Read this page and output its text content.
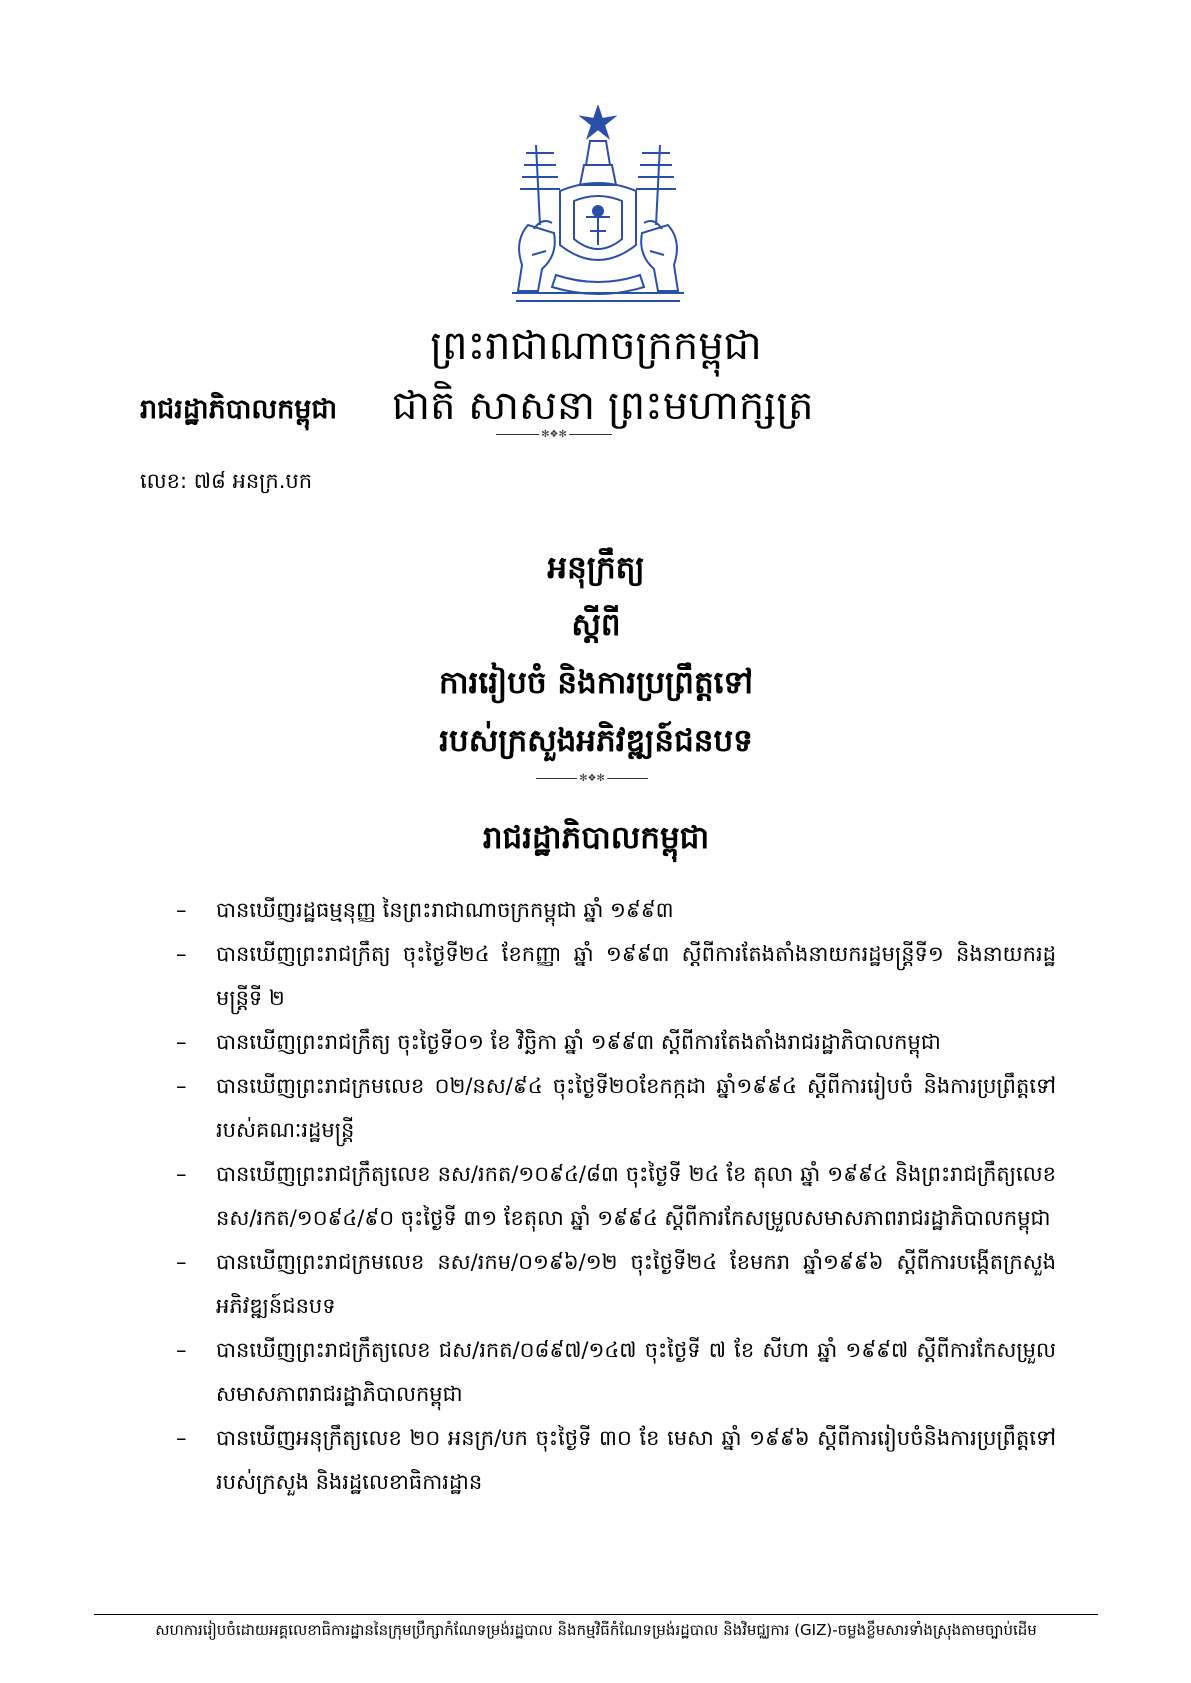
ព្រះរាជាណាចក្រកម្ពុជា
រាជរដ្ឋាភិបាលកម្ពុជា ជាតិ សាសនា ព្រះមហាក្សត្រ
✻❖✻
លេខ: ៧៨ អនក្រ.បក
អនុក្រឹត្យ
ស្តីពី
ការរៀបចំ និងការប្រព្រឹត្តទៅ
របស់ក្រសួងអភិវឌ្ឍន៍ជនបទ
✻❖✻
រាជរដ្ឋាភិបាលកម្ពុជា
– បានឃើញរដ្ឋធម្មនុញ្ញ នៃព្រះរាជាណាចក្រកម្ពុជា ឆ្នាំ ១៩៩៣
– បានឃើញព្រះរាជក្រឹត្យ ចុះថ្ងៃទី២៤ ខែកញ្ញា ឆ្នាំ ១៩៩៣ ស្តីពីការតែងតាំងនាយករដ្ឋមន្ត្រីទី១ និងនាយករដ្ឋមន្ត្រីទី ២
– បានឃើញព្រះរាជក្រឹត្យ ចុះថ្ងៃទី០១ ខែ វិច្ឆិកា ឆ្នាំ ១៩៩៣ ស្តីពីការតែងតាំងរាជរដ្ឋាភិបាលកម្ពុជា
– បានឃើញព្រះរាជក្រមលេខ ០២/នស/៩៤ ចុះថ្ងៃទី២០ខែកក្កដា ឆ្នាំ១៩៩៤ ស្តីពីការរៀបចំ និងការប្រព្រឹត្តទៅរបស់គណៈរដ្ឋមន្ត្រី
– បានឃើញព្រះរាជក្រឹត្យលេខ នស/រកត/១០៩៤/៨៣ ចុះថ្ងៃទី ២៤ ខែ តុលា ឆ្នាំ ១៩៩៤ និងព្រះរាជក្រឹត្យលេខ នស/រកត/១០៩៤/៩០ ចុះថ្ងៃទី ៣១ ខែតុលា ឆ្នាំ ១៩៩៤ ស្តីពីការកែសម្រួលសមាសភាពរាជរដ្ឋាភិបាលកម្ពុជា
– បានឃើញព្រះរាជក្រមលេខ នស/រកម/០១៩៦/១២ ចុះថ្ងៃទី២៤ ខែមករា ឆ្នាំ១៩៩៦ ស្តីពីការបង្កើតក្រសួងអភិវឌ្ឍន៍ជនបទ
– បានឃើញព្រះរាជក្រឹត្យលេខ ជស/រកត/០៨៩៧/១៤៧ ចុះថ្ងៃទី ៧ ខែ សីហា ឆ្នាំ ១៩៩៧ ស្តីពីការកែសម្រួលសមាសភាពរាជរដ្ឋាភិបាលកម្ពុជា
– បានឃើញអនុក្រឹត្យលេខ ២០ អនក្រ/បក ចុះថ្ងៃទី ៣០ ខែ មេសា ឆ្នាំ ១៩៩៦ ស្តីពីការរៀបចំនិងការប្រព្រឹត្តទៅរបស់ក្រសួង និងរដ្ឋលេខាធិការដ្ឋាន
សហការរៀបចំដោយអគ្គលេខាធិការដ្ឋាននៃក្រុមប្រឹក្សាកំណែទម្រង់រដ្ឋបាល និងកម្មវិធីកំណែទម្រង់រដ្ឋបាល និងវិមជ្ឈការ (GIZ)-ចម្លងខ្លឹមសារទាំងស្រុងតាមច្បាប់ដើម
